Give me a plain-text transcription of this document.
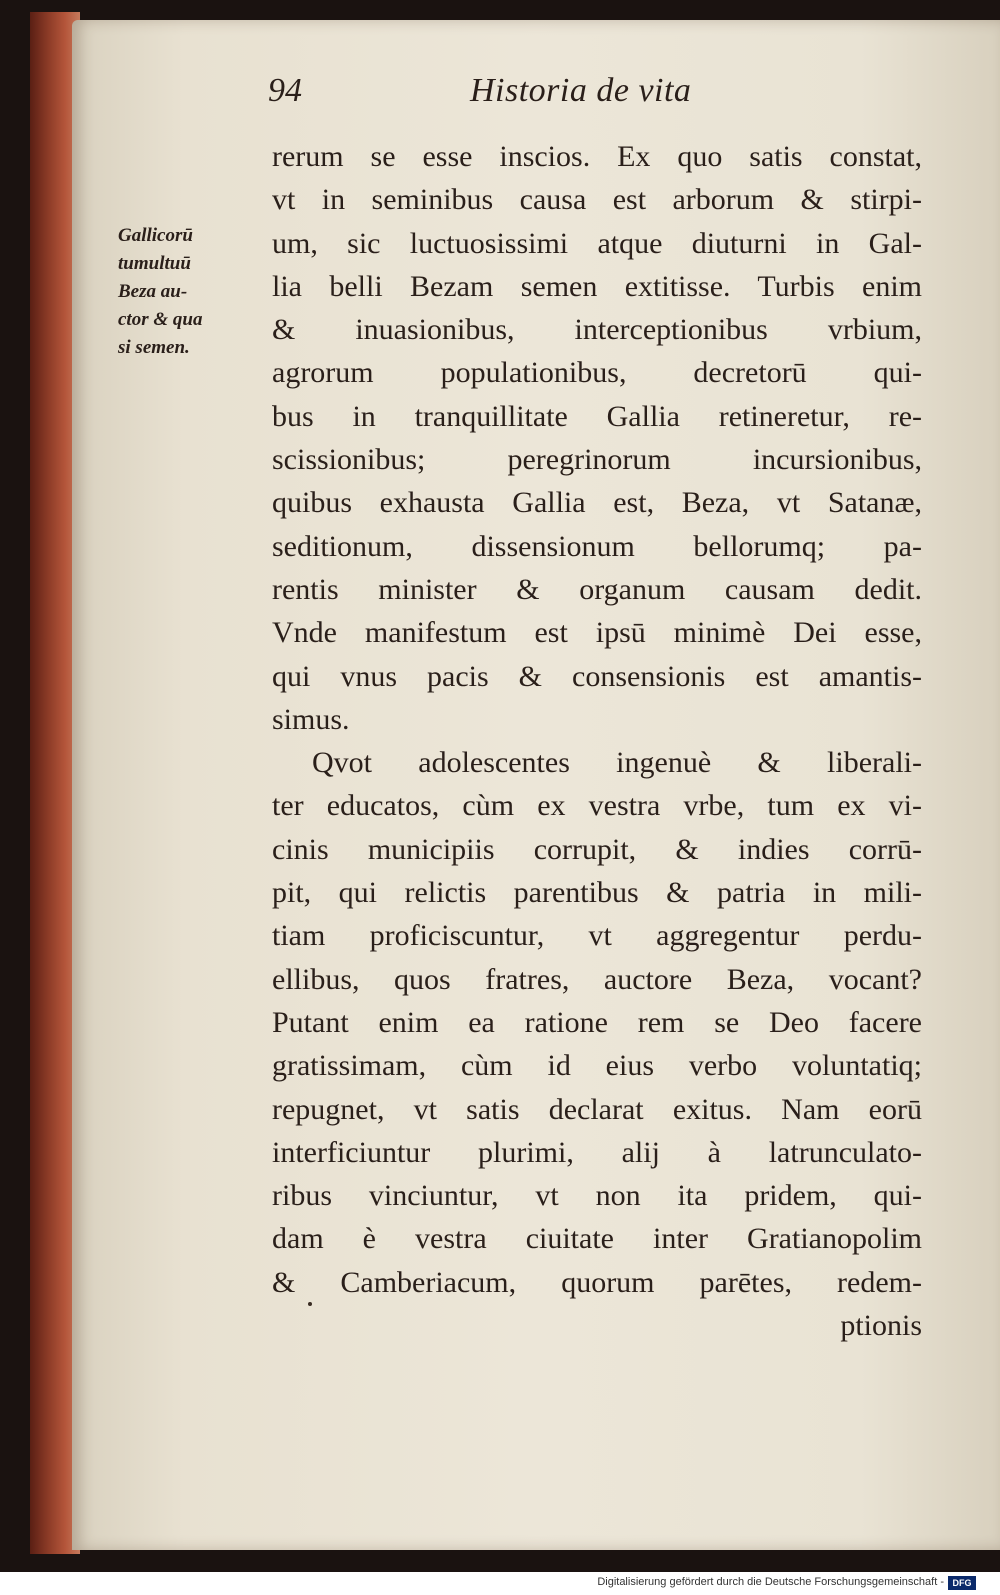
94	Historia de vita
Gallicorū
tumultuū
Beza au-
ctor & qua
si semen.
rerum se esse inscios. Ex quo satis constat,
vt in seminibus causa est arborum & stirpi-
um, sic luctuosissimi atque diuturni in Gal-
lia belli Bezam semen extitisse. Turbis enim
& inuasionibus, interceptionibus vrbium,
agrorum populationibus, decretorū qui-
bus in tranquillitate Gallia retineretur, re-
scissionibus; peregrinorum incursionibus,
quibus exhausta Gallia est, Beza, vt Satanæ,
seditionum, dissensionum bellorumq; pa-
rentis minister & organum causam dedit.
Vnde manifestum est ipsū minimè Dei esse,
qui vnus pacis & consensionis est amantis-
simus.
Qvot adolescentes ingenuè & liberali-
ter educatos, cùm ex vestra vrbe, tum ex vi-
cinis municipiis corrupit, & indies corrū-
pit, qui relictis parentibus & patria in mili-
tiam proficiscuntur, vt aggregentur perdu-
ellibus, quos fratres, auctore Beza, vocant?
Putant enim ea ratione rem se Deo facere
gratissimam, cùm id eius verbo voluntatiq;
repugnet, vt satis declarat exitus. Nam eorū
interficiuntur plurimi, alij à latrunculato-
ribus vinciuntur, vt non ita pridem, qui-
dam è vestra ciuitate inter Gratianopolim
& Camberiacum, quorum parētes, redem-
ptionis
Digitalisierung gefördert durch die Deutsche Forschungsgemeinschaft - DFG
